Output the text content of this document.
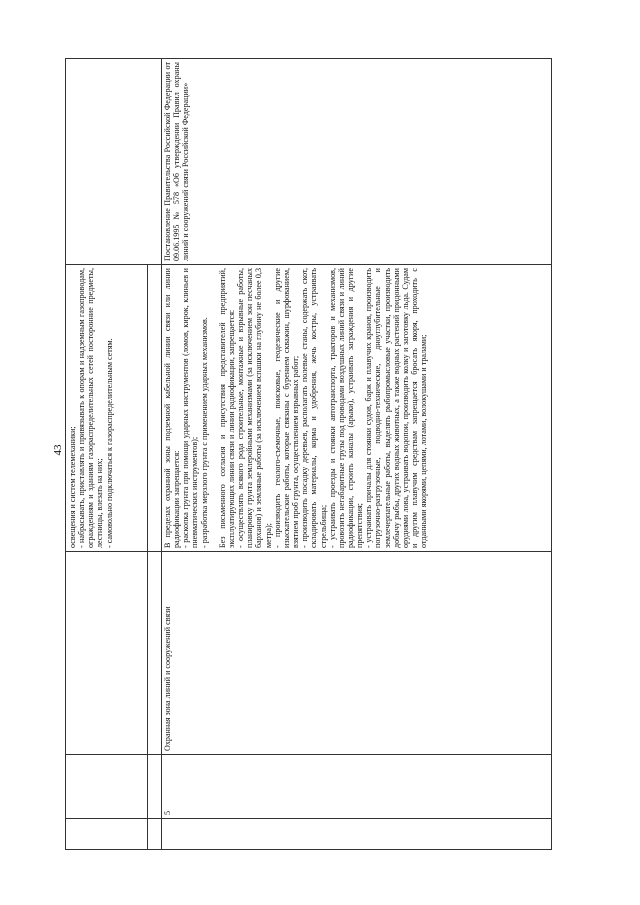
43
5
Охранная зона линий и сооружений связи
освещения и систем телемеханики; - набрасывать, приставлять и привязывать к опорам и надземным газопроводам, ограждениям и зданиям газораспределительных сетей посторонние предметы, лестницы, влезать на них; - самовольно подключаться к газораспределительным сетям.	В пределах охранной зоны подземной кабельной линии связи или линии радиофикации запрещается: - раскопка грунта при помощи ударных инструментов (ломов, кирок, клиньев и пневматических инструментов); - разработка мерзлого грунта с применением ударных механизмов. Без письменного согласия и присутствия представителей предприятий, эксплуатирующих линии связи и линии радиофикации, запрещается: - осуществлять всякого рода строительные, монтажные и взрывные работы, планировку грунта землеройными механизмами (за исключением зон песчаных барханов) и земляные работы (за исключением вспашки на глубину не более 0,3 метра); - производить геолого-съемочные, поисковые, геодезические и другие изыскательские работы, которые связаны с бурением скважин, шурфованием, взятием проб грунта, осуществлением взрывных работ; - производить посадку деревьев, располагать полевые станы, содержать скот, складировать материалы, корма и удобрения, жечь костры, устраивать стрельбища; - устраивать проезды и стоянки автотранспорта, тракторов и механизмов, провозить негабаритные грузы под проводами воздушных линий связи и линий радиофикации, строить каналы (арыки), устраивать заграждения и другие препятствия; - устраивать причалы для стоянки судов, барж и плавучих кранов, производить погрузочно-разгрузочные, подводно-технические, дноуглубительные и землечерпательные работы, выделять рыбопромысловые участки, производить добычу рыбы, других водных животных, а также водных растений придонными орудиями лова, устраивать водопои, производить колку и заготовку льда. Судам и другим плавучим средствам запрещается бросать якоря, проходить с отданными якорями, цепями, лотами, волокушами и тралами;
Постановление Правительства Российской Федерации от 09.06.1995 № 578 «Об утверждении Правил охраны линий и сооружений связи Российской Федерации»
